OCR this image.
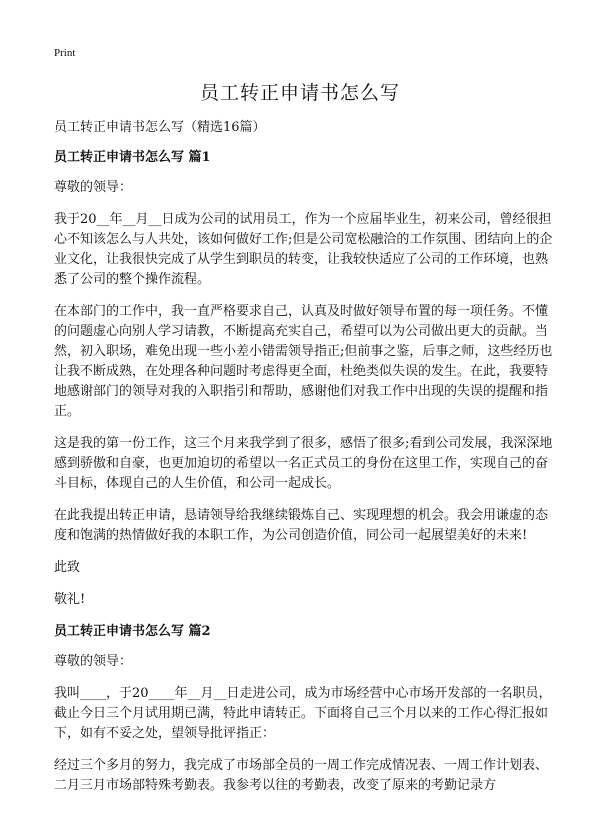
Print
员工转正申请书怎么写

员工转正申请书怎么写（精选16篇）

员工转正申请书怎么写 篇1

尊敬的领导：

我于20__年__月__日成为公司的试用员工，作为一个应届毕业生，初来公司，曾经很担心不知该怎么与人共处，该如何做好工作;但是公司宽松融洽的工作氛围、团结向上的企业文化，让我很快完成了从学生到职员的转变，让我较快适应了公司的工作环境，也熟悉了公司的整个操作流程。

在本部门的工作中，我一直严格要求自己，认真及时做好领导布置的每一项任务。不懂的问题虚心向别人学习请教，不断提高充实自己，希望可以为公司做出更大的贡献。当然，初入职场，难免出现一些小差小错需领导指正;但前事之鉴，后事之师，这些经历也让我不断成熟，在处理各种问题时考虑得更全面，杜绝类似失误的发生。在此，我要特地感谢部门的领导对我的入职指引和帮助，感谢他们对我工作中出现的失误的提醒和指正。

这是我的第一份工作，这三个月来我学到了很多，感悟了很多;看到公司发展，我深深地感到骄傲和自豪，也更加迫切的希望以一名正式员工的身份在这里工作，实现自己的奋斗目标，体现自己的人生价值，和公司一起成长。

在此我提出转正申请，恳请领导给我继续锻炼自己、实现理想的机会。我会用谦虚的态度和饱满的热情做好我的本职工作，为公司创造价值，同公司一起展望美好的未来!

此致

敬礼!

员工转正申请书怎么写 篇2

尊敬的领导：

我叫____，于20____年__月__日走进公司，成为市场经营中心市场开发部的一名职员，截止今日三个月试用期已满，特此申请转正。下面将自己三个月以来的工作心得汇报如下，如有不妥之处，望领导批评指正：

经过三个多月的努力，我完成了市场部全员的一周工作完成情况表、一周工作计划表、二月三月市场部特殊考勤表。我参考以往的考勤表，改变了原来的考勤记录方
